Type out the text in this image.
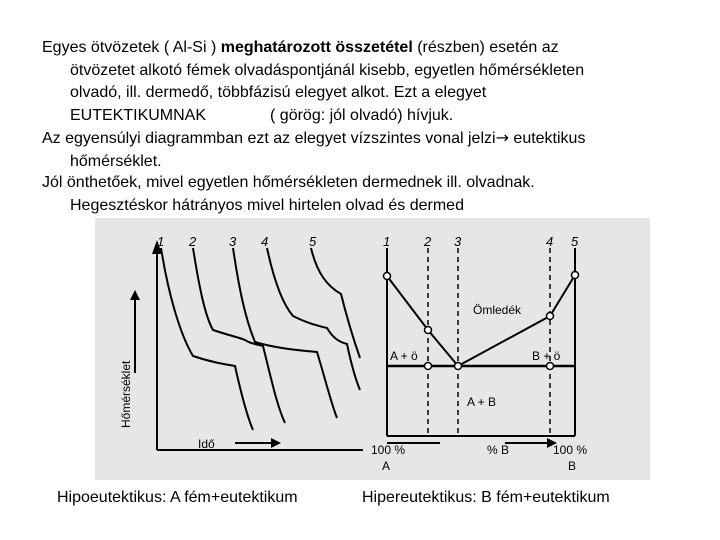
Egyes ötvözetek ( Al-Si ) meghatározott összetétel (részben) esetén az
ötvözetet alkotó fémek olvadáspontjánál kisebb, egyetlen hőmérsékleten
olvadó, ill. dermedő, többfázisú elegyet alkot. Ezt a elegyet
EUTEKTIKUMNAK	( görög: jól olvadó) hívjuk.
Az egyensúlyi diagrammban ezt az elegyet vízszintes vonal jelzi→ eutektikus
hőmérséklet.
Jól önthetőek, mivel egyetlen hőmérsékleten dermednek ill. olvadnak.
Hegesztéskor hátrányos mivel hirtelen olvad és dermed
Hőmérséklet
Idő
1 2	3 4	5	1	2 3	4 5
Ömledék
A + ö	B + ö
A + B
100 %
A
% B	100 %
B
Hipoeutektikus: A fém+eutektikum	Hipereutektikus: B fém+eutektikum
